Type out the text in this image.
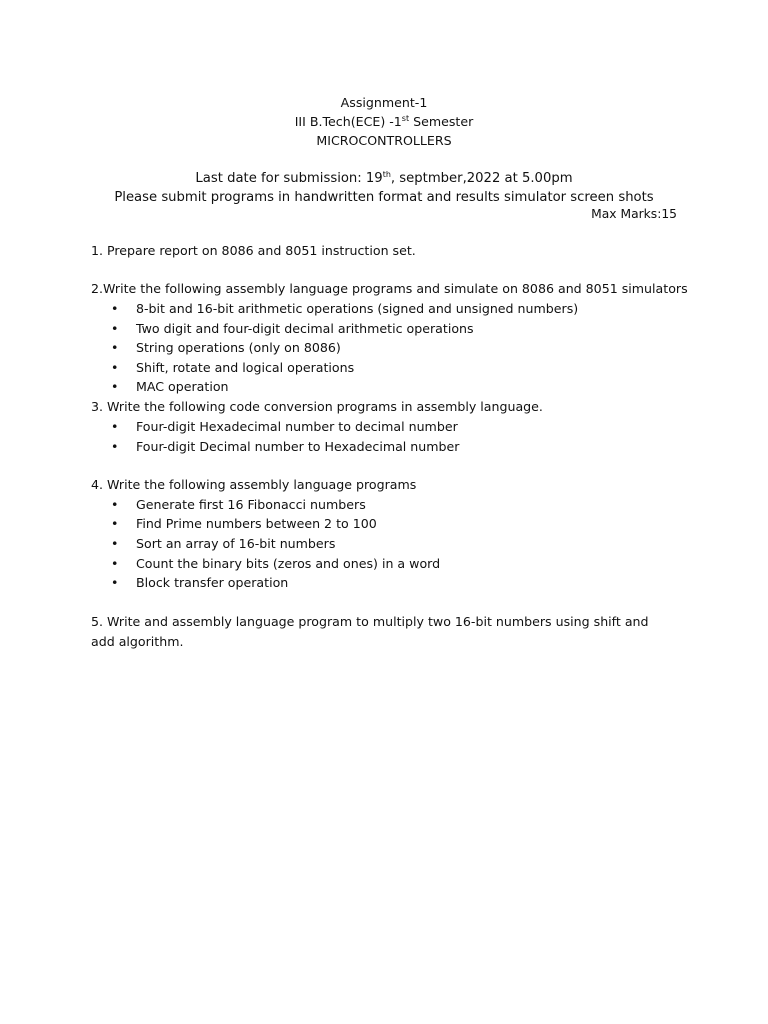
Assignment-1
III B.Tech(ECE) -1st Semester
MICROCONTROLLERS
Last date for submission: 19th, septmber,2022 at 5.00pm
Please submit programs in handwritten format and results simulator screen shots
Max Marks:15
1. Prepare report on 8086 and 8051 instruction set.
2.Write the following assembly language programs and simulate on 8086 and 8051 simulators
• 8-bit and 16-bit arithmetic operations (signed and unsigned numbers)
• Two digit and four-digit decimal arithmetic operations
• String operations (only on 8086)
• Shift, rotate and logical operations
• MAC operation
3. Write the following code conversion programs in assembly language.
• Four-digit Hexadecimal number to decimal number
• Four-digit Decimal number to Hexadecimal number
4. Write the following assembly language programs
• Generate first 16 Fibonacci numbers
• Find Prime numbers between 2 to 100
• Sort an array of 16-bit numbers
• Count the binary bits (zeros and ones) in a word
• Block transfer operation
5. Write and assembly language program to multiply two 16-bit numbers using shift and add algorithm.
